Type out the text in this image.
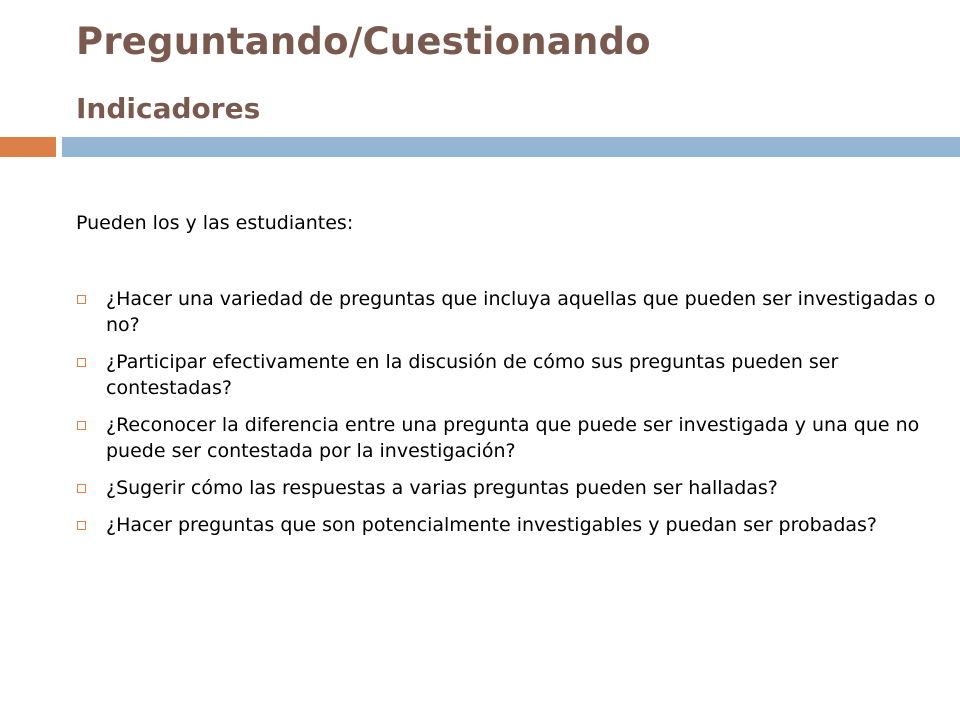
Preguntando/Cuestionando
Indicadores

Pueden los y las estudiantes:

¿Hacer una variedad de preguntas que incluya aquellas que pueden ser investigadas o no?
¿Participar efectivamente en la discusión de cómo sus preguntas pueden ser contestadas?
¿Reconocer la diferencia entre una pregunta que puede ser investigada y una que no puede ser contestada por la investigación?
¿Sugerir cómo las respuestas a varias preguntas pueden ser halladas?
¿Hacer preguntas que son potencialmente investigables y puedan ser probadas?
